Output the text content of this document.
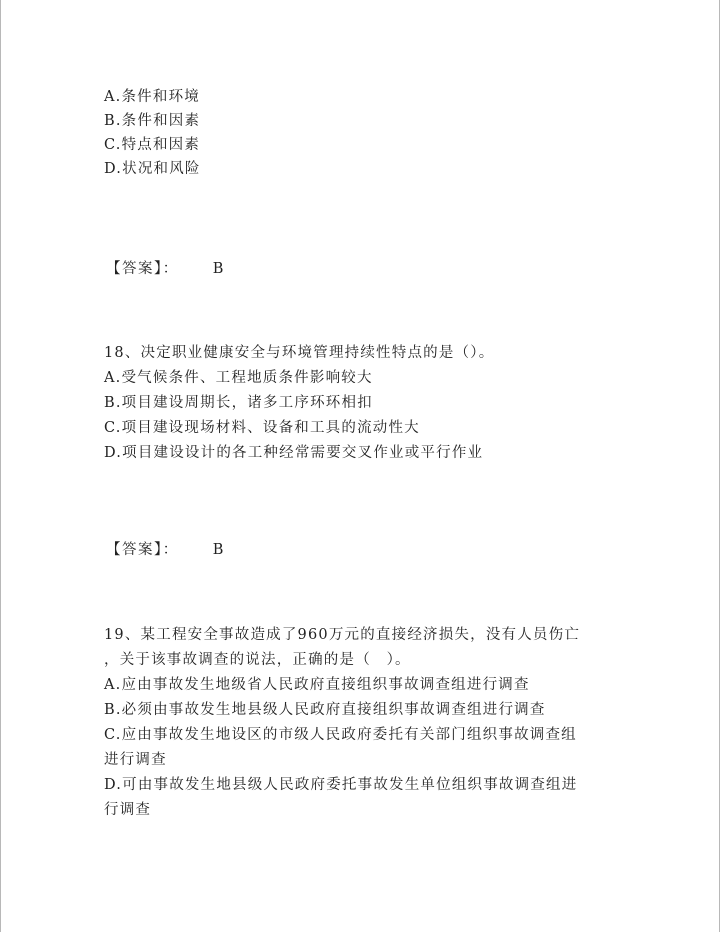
A.条件和环境
B.条件和因素
C.特点和因素
D.状况和风险
【答案】： B
18、决定职业健康安全与环境管理持续性特点的是（）。
A.受气候条件、工程地质条件影响较大
B.项目建设周期长，诸多工序环环相扣
C.项目建设现场材料、设备和工具的流动性大
D.项目建设设计的各工种经常需要交叉作业或平行作业
【答案】： B
19、某工程安全事故造成了960万元的直接经济损失，没有人员伤亡
，关于该事故调查的说法，正确的是（　）。
A.应由事故发生地级省人民政府直接组织事故调查组进行调查
B.必须由事故发生地县级人民政府直接组织事故调查组进行调查
C.应由事故发生地设区的市级人民政府委托有关部门组织事故调查组
进行调查
D.可由事故发生地县级人民政府委托事故发生单位组织事故调查组进
行调查
